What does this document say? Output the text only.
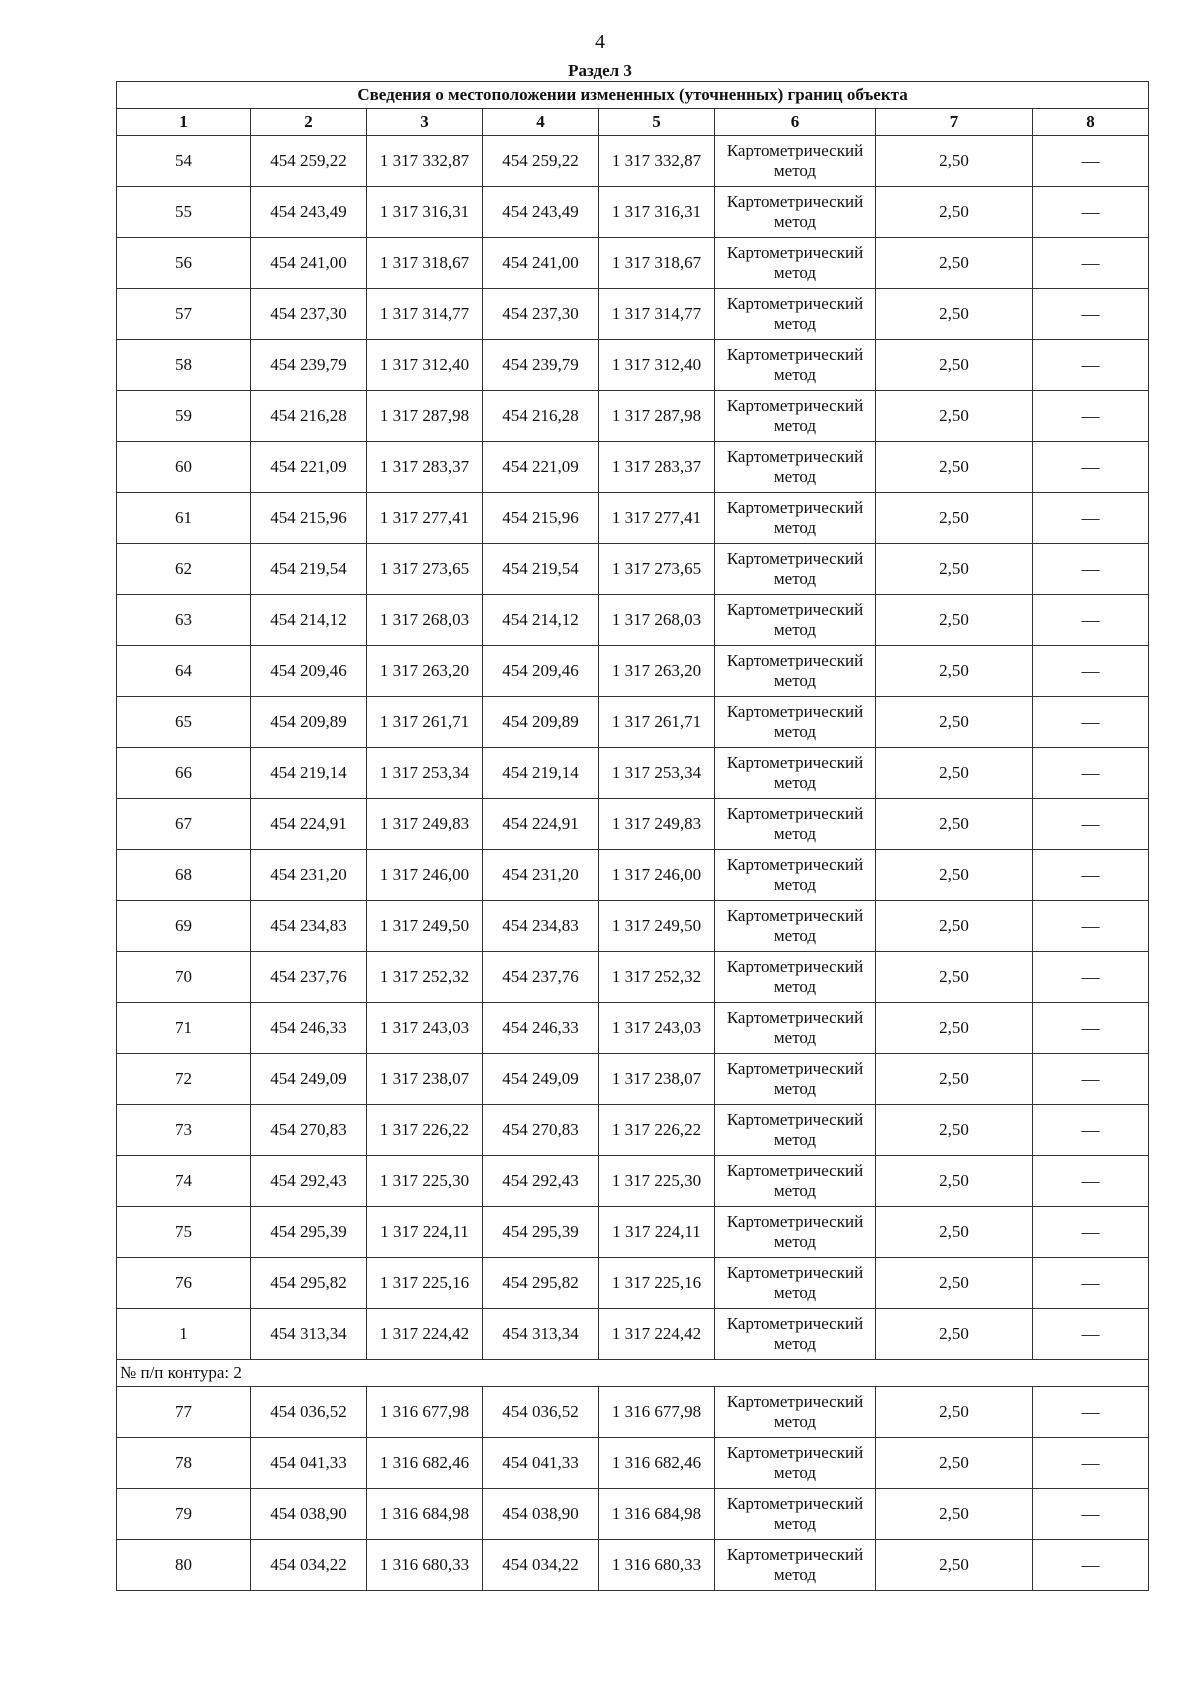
4
Раздел 3
Сведения о местоположении измененных (уточненных) границ объекта							
1	2	3	4	5	6	7	8
54	454 259,22	1 317 332,87	454 259,22	1 317 332,87	Картометрический метод	2,50	—
55	454 243,49	1 317 316,31	454 243,49	1 317 316,31	Картометрический метод	2,50	—
56	454 241,00	1 317 318,67	454 241,00	1 317 318,67	Картометрический метод	2,50	—
57	454 237,30	1 317 314,77	454 237,30	1 317 314,77	Картометрический метод	2,50	—
58	454 239,79	1 317 312,40	454 239,79	1 317 312,40	Картометрический метод	2,50	—
59	454 216,28	1 317 287,98	454 216,28	1 317 287,98	Картометрический метод	2,50	—
60	454 221,09	1 317 283,37	454 221,09	1 317 283,37	Картометрический метод	2,50	—
61	454 215,96	1 317 277,41	454 215,96	1 317 277,41	Картометрический метод	2,50	—
62	454 219,54	1 317 273,65	454 219,54	1 317 273,65	Картометрический метод	2,50	—
63	454 214,12	1 317 268,03	454 214,12	1 317 268,03	Картометрический метод	2,50	—
64	454 209,46	1 317 263,20	454 209,46	1 317 263,20	Картометрический метод	2,50	—
65	454 209,89	1 317 261,71	454 209,89	1 317 261,71	Картометрический метод	2,50	—
66	454 219,14	1 317 253,34	454 219,14	1 317 253,34	Картометрический метод	2,50	—
67	454 224,91	1 317 249,83	454 224,91	1 317 249,83	Картометрический метод	2,50	—
68	454 231,20	1 317 246,00	454 231,20	1 317 246,00	Картометрический метод	2,50	—
69	454 234,83	1 317 249,50	454 234,83	1 317 249,50	Картометрический метод	2,50	—
70	454 237,76	1 317 252,32	454 237,76	1 317 252,32	Картометрический метод	2,50	—
71	454 246,33	1 317 243,03	454 246,33	1 317 243,03	Картометрический метод	2,50	—
72	454 249,09	1 317 238,07	454 249,09	1 317 238,07	Картометрический метод	2,50	—
73	454 270,83	1 317 226,22	454 270,83	1 317 226,22	Картометрический метод	2,50	—
74	454 292,43	1 317 225,30	454 292,43	1 317 225,30	Картометрический метод	2,50	—
75	454 295,39	1 317 224,11	454 295,39	1 317 224,11	Картометрический метод	2,50	—
76	454 295,82	1 317 225,16	454 295,82	1 317 225,16	Картометрический метод	2,50	—
1	454 313,34	1 317 224,42	454 313,34	1 317 224,42	Картометрический метод	2,50	—
№ п/п контура: 2							
77	454 036,52	1 316 677,98	454 036,52	1 316 677,98	Картометрический метод	2,50	—
78	454 041,33	1 316 682,46	454 041,33	1 316 682,46	Картометрический метод	2,50	—
79	454 038,90	1 316 684,98	454 038,90	1 316 684,98	Картометрический метод	2,50	—
80	454 034,22	1 316 680,33	454 034,22	1 316 680,33	Картометрический метод	2,50	—
